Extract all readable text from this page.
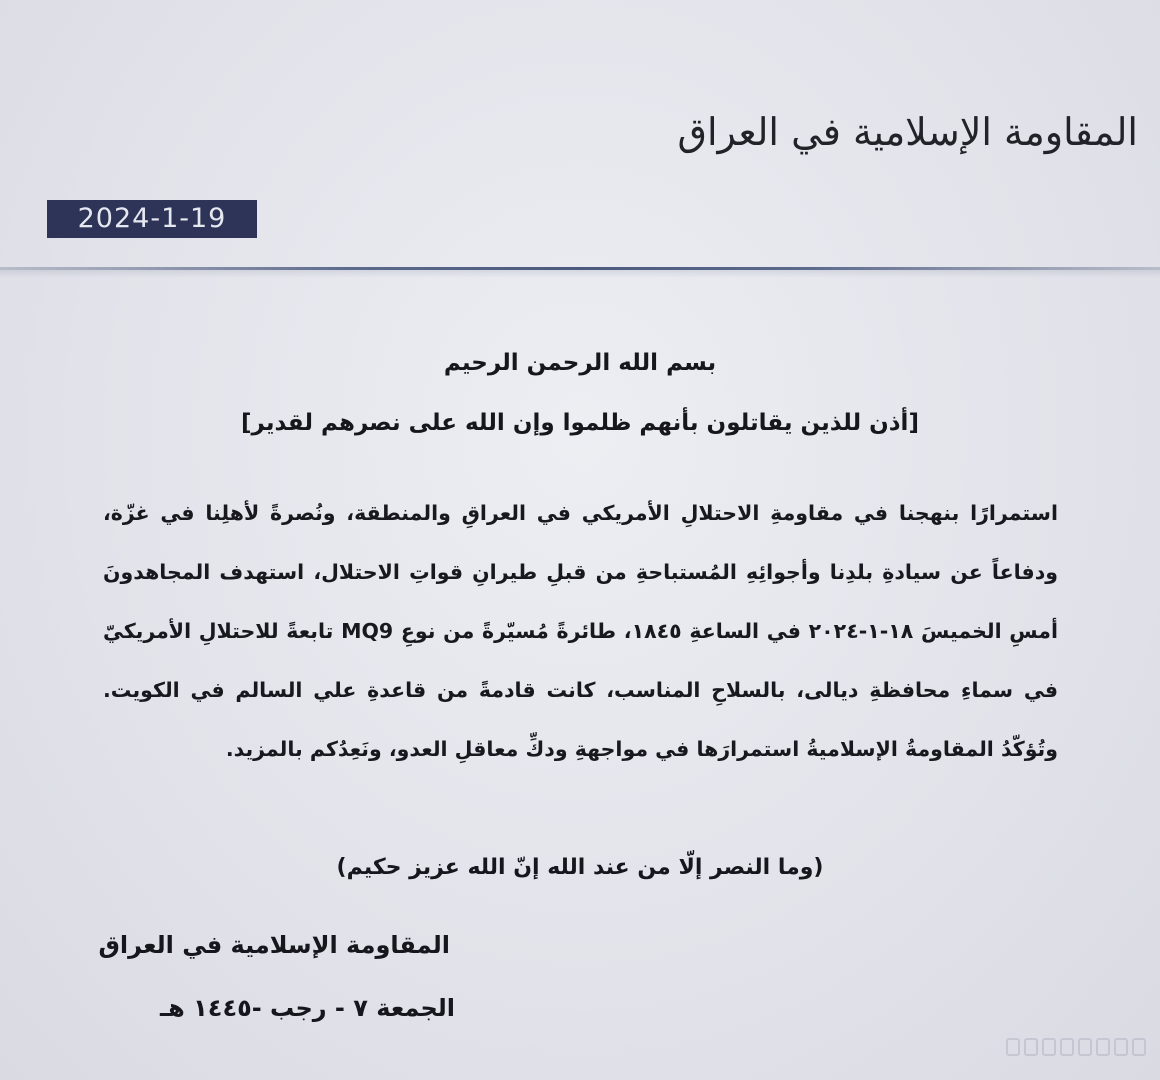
المقاومة الإسلامية في العراق
2024-1-19
بسم الله الرحمن الرحيم
[أذن للذين يقاتلون بأنهم ظلموا وإن الله على نصرهم لقدير]
استمرارًا بنهجنا في مقاومةِ الاحتلالِ الأمريكي في العراقِ والمنطقة، ونُصرةً لأهلِنا في غزّة، ودفاعاً عن سيادةِ بلدِنا وأجوائِهِ المُستباحةِ من قبلِ طيرانِ قواتِ الاحتلال، استهدف المجاهدونَ أمسِ الخميسَ ١٨-١-٢٠٢٤ في الساعةِ ١٨٤٥، طائرةً مُسيّرةً من نوعِ MQ9 تابعةً للاحتلالِ الأمريكيّ في سماءِ محافظةِ ديالى، بالسلاحِ المناسب، كانت قادمةً من قاعدةِ علي السالم في الكويت. وتُؤكّدُ المقاومةُ الإسلاميةُ استمرارَها في مواجهةِ ودكِّ معاقلِ العدو، ونَعِدُكم بالمزيد.
(وما النصر إلّا من عند الله إنّ الله عزيز حكيم)
المقاومة الإسلامية في العراق
الجمعة ٧ - رجب -١٤٤٥ هـ
